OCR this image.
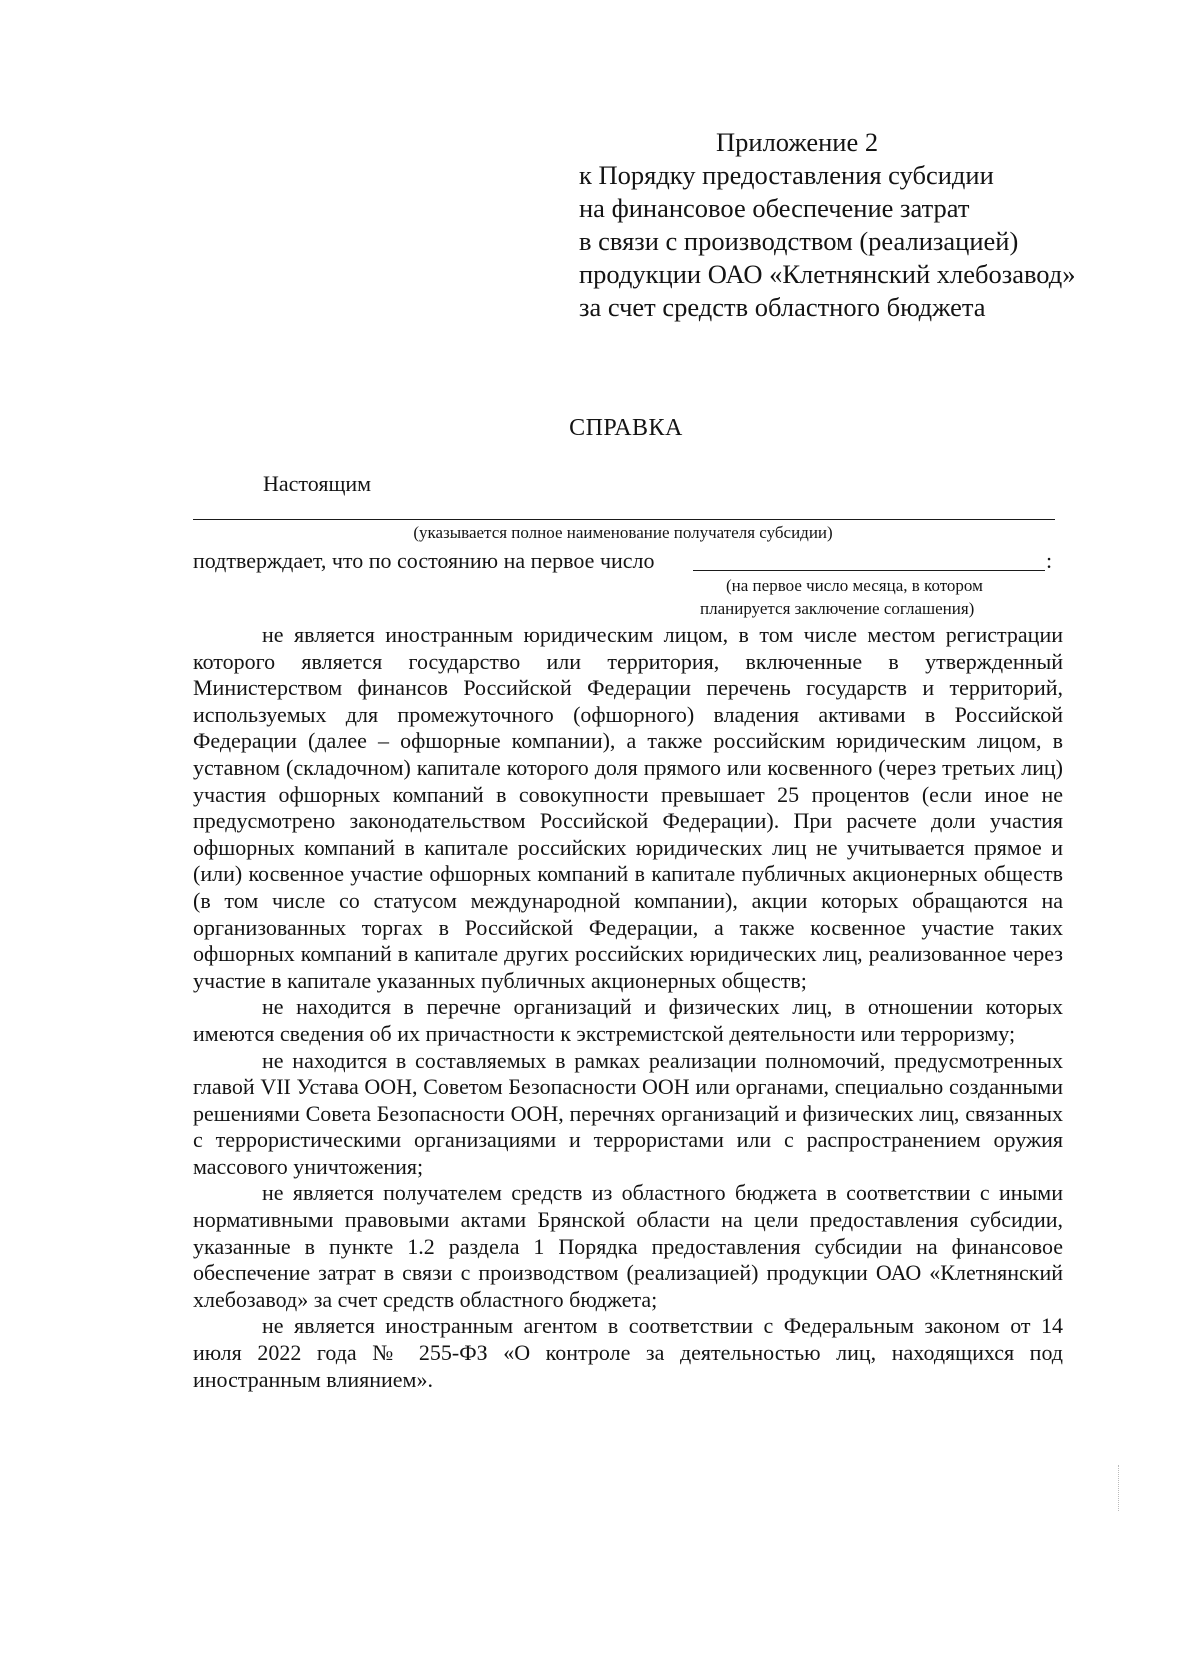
Приложение 2
к Порядку предоставления субсидии
на финансовое обеспечение затрат
в связи с производством (реализацией)
продукции ОАО «Клетнянский хлебозавод»
за счет средств областного бюджета
СПРАВКА
Настоящим
(указывается полное наименование получателя субсидии)
подтверждает, что по состоянию на первое число	:
(на первое число месяца, в котором
планируется заключение соглашения)

не является иностранным юридическим лицом, в том числе местом регистрации которого является государство или территория, включенные в утвержденный Министерством финансов Российской Федерации перечень государств и территорий, используемых для промежуточного (офшорного) владения активами в Российской Федерации (далее – офшорные компании), а также российским юридическим лицом, в уставном (складочном) капитале которого доля прямого или косвенного (через третьих лиц) участия офшорных компаний в совокупности превышает 25 процентов (если иное не предусмотрено законодательством Российской Федерации). При расчете доли участия офшорных компаний в капитале российских юридических лиц не учитывается прямое и (или) косвенное участие офшорных компаний в капитале публичных акционерных обществ (в том числе со статусом международной компании), акции которых обращаются на организованных торгах в Российской Федерации, а также косвенное участие таких офшорных компаний в капитале других российских юридических лиц, реализованное через участие в капитале указанных публичных акционерных обществ;

не находится в перечне организаций и физических лиц, в отношении которых имеются сведения об их причастности к экстремистской деятельности или терроризму;

не находится в составляемых в рамках реализации полномочий, предусмотренных главой VII Устава ООН, Советом Безопасности ООН или органами, специально созданными решениями Совета Безопасности ООН, перечнях организаций и физических лиц, связанных с террористическими организациями и террористами или с распространением оружия массового уничтожения;

не является получателем средств из областного бюджета в соответствии с иными нормативными правовыми актами Брянской области на цели предоставления субсидии, указанные в пункте 1.2 раздела 1 Порядка предоставления субсидии на финансовое обеспечение затрат в связи с производством (реализацией) продукции ОАО «Клетнянский хлебозавод» за счет средств областного бюджета;

не является иностранным агентом в соответствии с Федеральным законом от 14 июля 2022 года № 255-ФЗ «О контроле за деятельностью лиц, находящихся под иностранным влиянием».
